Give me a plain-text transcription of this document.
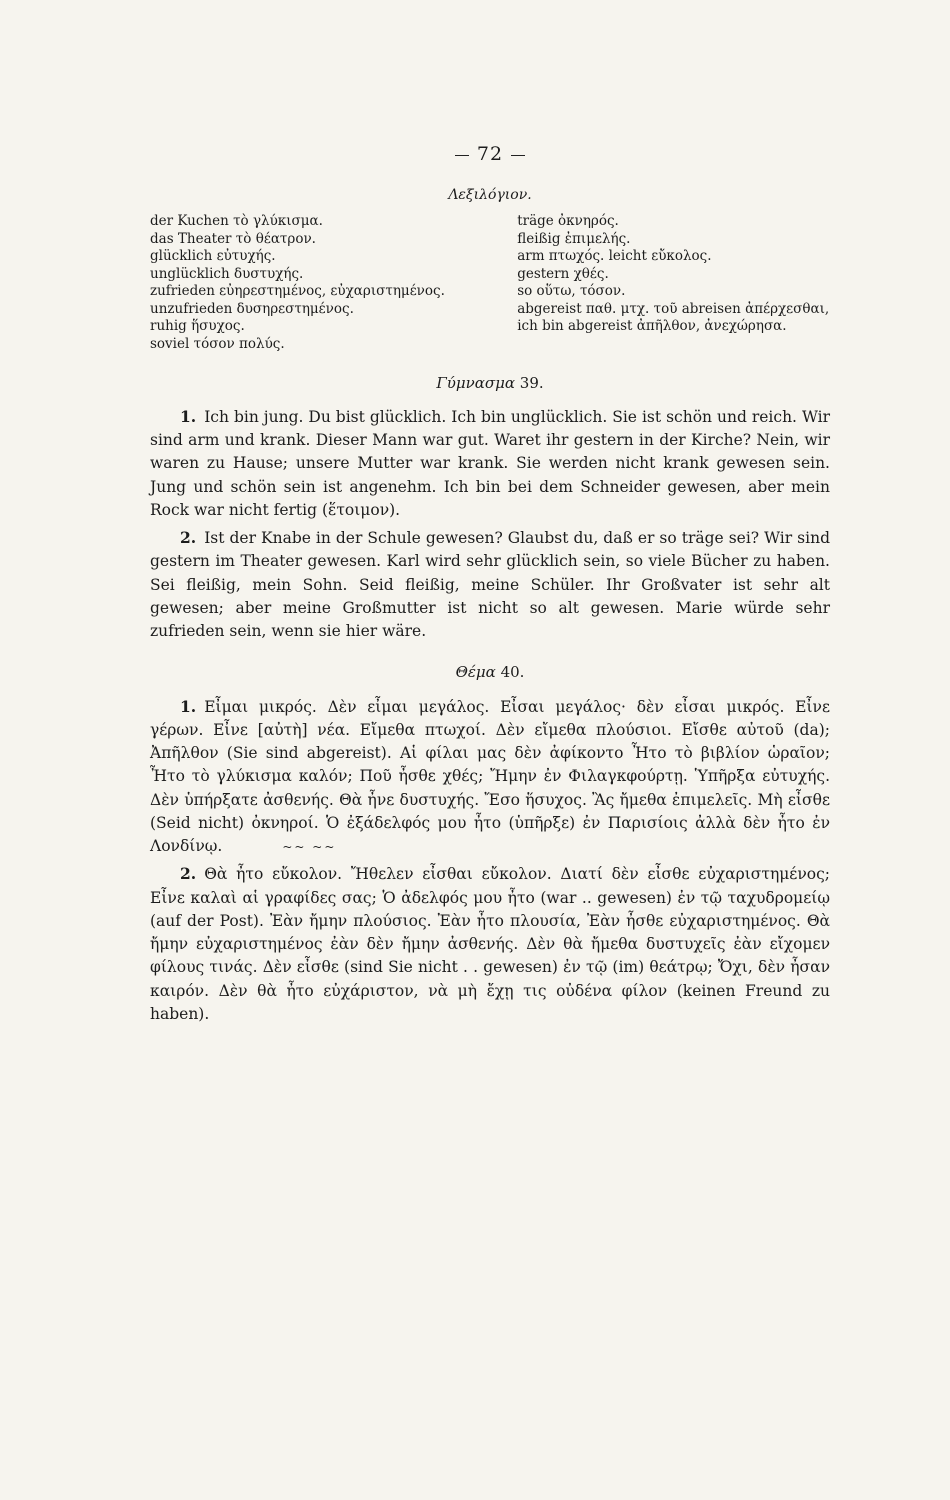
72
Λεξιλόγιον.
der Kuchen τὸ γλύκισμα.
das Theater τὸ θέατρον.
glücklich εὐτυχής.
unglücklich δυστυχής.
zufrieden εὐηρεστημένος, εὐχαριστημένος.
unzufrieden δυσηρεστημένος.
ruhig ἥσυχος.
soviel τόσον πολύς.
träge ὀκνηρός.
fleißig ἐπιμελής.
arm πτωχός. leicht εὔκολος.
gestern χθές.
so οὕτω, τόσον.
abgereist παθ. μτχ. τοῦ abreisen ἀπέρχεσθαι, ich bin abgereist ἀπῆλθον, ἀνεχώρησα.
Γύμνασμα 39.

1. Ich bin jung. Du bist glücklich. Ich bin unglücklich. Sie ist schön und reich. Wir sind arm und krank. Dieser Mann war gut. Waret ihr gestern in der Kirche? Nein, wir waren zu Hause; unsere Mutter war krank. Sie werden nicht krank gewesen sein. Jung und schön sein ist angenehm. Ich bin bei dem Schneider gewesen, aber mein Rock war nicht fertig (ἕτοιμον).

2. Ist der Knabe in der Schule gewesen? Glaubst du, daß er so träge sei? Wir sind gestern im Theater gewesen. Karl wird sehr glücklich sein, so viele Bücher zu haben. Sei fleißig, mein Sohn. Seid fleißig, meine Schüler. Ihr Großvater ist sehr alt gewesen; aber meine Großmutter ist nicht so alt gewesen. Marie würde sehr zufrieden sein, wenn sie hier wäre.

Θέμα 40.

1. Εἶμαι μικρός. Δὲν εἶμαι μεγάλος. Εἶσαι μεγάλος· δὲν εἶσαι μικρός. Εἶνε γέρων. Εἶνε [αὐτὴ] νέα. Εἴμεθα πτωχοί. Δὲν εἴμεθα πλούσιοι. Εἴσθε αὐτοῦ (da); Ἀπῆλθον (Sie sind abgereist). Αἱ φίλαι μας δὲν ἀφίκοντο Ἦτο τὸ βιβλίον ὡραῖον; Ἦτο τὸ γλύκισμα καλόν; Ποῦ ἦσθε χθές; Ἤμην ἐν Φιλαγκφούρτῃ. Ὑπῆρξα εὐτυχής. Δὲν ὑπήρξατε ἀσθενής. Θὰ ἦνε δυστυχής. Ἔσο ἥσυχος. Ἂς ἤμεθα ἐπιμελεῖς. Μὴ εἶσθε (Seid nicht) ὀκνηροί. Ὁ ἐξάδελφός μου ἦτο (ὑπῆρξε) ἐν Παρισίοις ἀλλὰ δὲν ἦτο ἐν Λονδίνῳ.	~~ ~~

2. Θὰ ἦτο εὔκολον. Ἤθελεν εἶσθαι εὔκολον. Διατί δὲν εἶσθε εὐχαριστημένος; Εἶνε καλαὶ αἱ γραφίδες σας; Ὁ ἀδελφός μου ἦτο (war .. gewesen) ἐν τῷ ταχυδρομείῳ (auf der Post). Ἐὰν ἤμην πλούσιος. Ἐὰν ἦτο πλουσία, Ἐὰν ἦσθε εὐχαριστημένος. Θὰ ἤμην εὐχαριστημένος ἐὰν δὲν ἤμην ἀσθενής. Δὲν θὰ ἤμεθα δυστυχεῖς ἐὰν εἴχομεν φίλους τινάς. Δὲν εἶσθε (sind Sie nicht . . gewesen) ἐν τῷ (im) θεάτρῳ; Ὄχι, δὲν ἦσαν καιρόν. Δὲν θὰ ἦτο εὐχάριστον, νὰ μὴ ἔχῃ τις οὐδένα φίλον (keinen Freund zu haben).
